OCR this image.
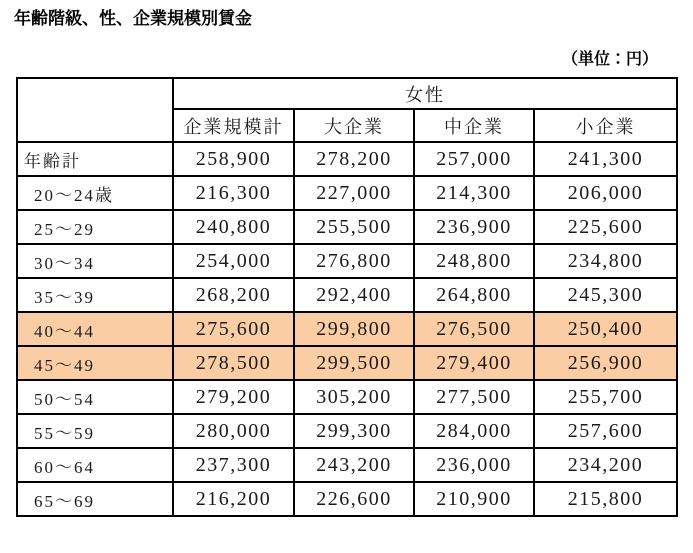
年齢階級、性、企業規模別賃金
（単位：円）
	女性			
	企業規模計	大企業	中企業	小企業
年齢計	258,900	278,200	257,000	241,300
20～24歳	216,300	227,000	214,300	206,000
25～29	240,800	255,500	236,900	225,600
30～34	254,000	276,800	248,800	234,800
35～39	268,200	292,400	264,800	245,300
40～44	275,600	299,800	276,500	250,400
45～49	278,500	299,500	279,400	256,900
50～54	279,200	305,200	277,500	255,700
55～59	280,000	299,300	284,000	257,600
60～64	237,300	243,200	236,000	234,200
65～69	216,200	226,600	210,900	215,800
